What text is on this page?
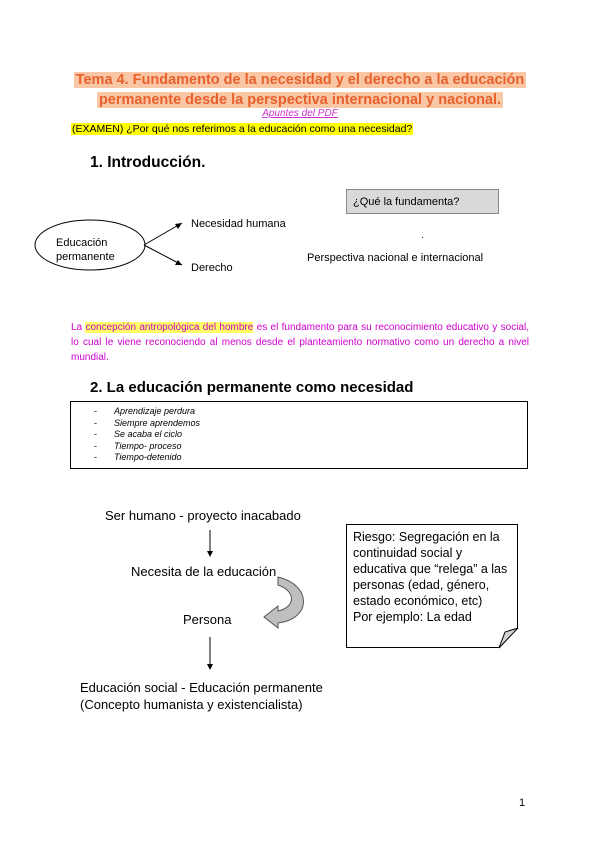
Tema 4. Fundamento de la necesidad y el derecho a la educación
permanente desde la perspectiva internacional y nacional.
Apuntes del PDF
(EXAMEN) ¿Por qué nos referimos a la educación como una necesidad?
1. Introducción.
¿Qué la fundamenta?
·
Educación
permanente
Necesidad humana
Derecho
Perspectiva nacional e internacional
La concepción antropológica del hombre es el fundamento para su reconocimiento educativo y social, lo cual le viene reconociendo al menos desde el planteamiento normativo como un derecho a nivel mundial.
2. La educación permanente como necesidad
- Aprendizaje perdura
- Siempre aprendemos
- Se acaba el ciclo
- Tiempo- proceso
- Tiempo-detenido
Ser humano - proyecto inacabado
Necesita de la educación
Persona
Educación social - Educación permanente
(Concepto humanista y existencialista)
Riesgo: Segregación en la
continuidad social y
educativa que “relega” a las
personas (edad, género,
estado económico, etc)
Por ejemplo: La edad
1
